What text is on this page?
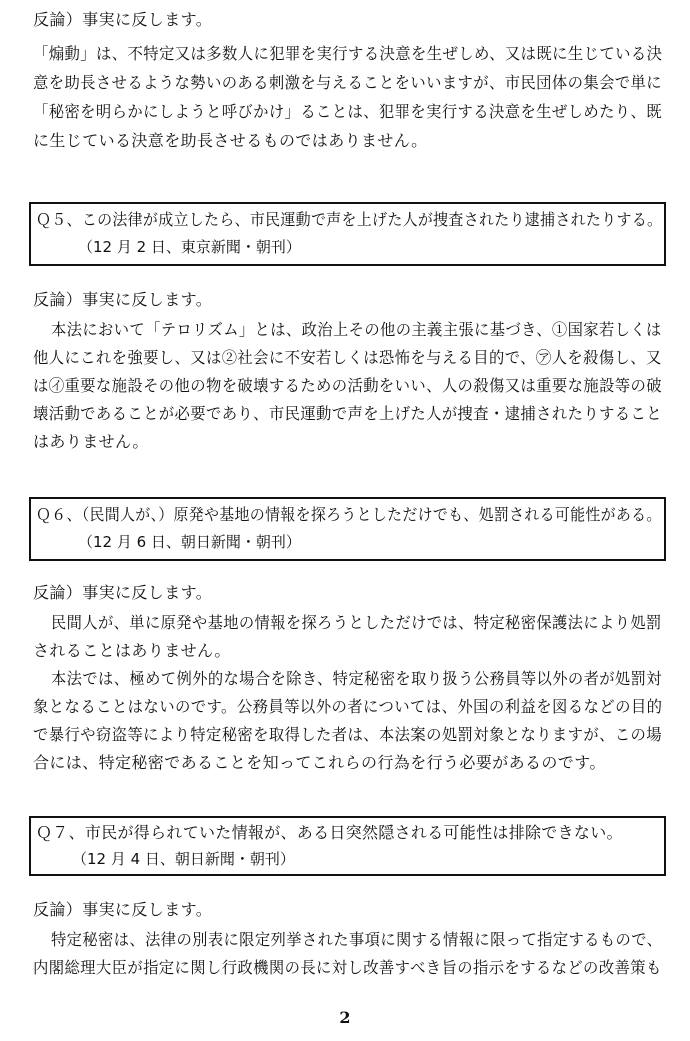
反論）事実に反します。
「煽動」は、不特定又は多数人に犯罪を実行する決意を生ぜしめ、又は既に生じている決
意を助長させるような勢いのある刺激を与えることをいいますが、市民団体の集会で単に
「秘密を明らかにしようと呼びかけ」ることは、犯罪を実行する決意を生ぜしめたり、既
に生じている決意を助長させるものではありません。
Ｑ５、この法律が成立したら、市民運動で声を上げた人が捜査されたり逮捕されたりする。
（12 月 2 日、東京新聞・朝刊）
反論）事実に反します。
本法において「テロリズム」とは、政治上その他の主義主張に基づき、①国家若しくは
他人にこれを強要し、又は②社会に不安若しくは恐怖を与える目的で、㋐人を殺傷し、又
は㋑重要な施設その他の物を破壊するための活動をいい、人の殺傷又は重要な施設等の破
壊活動であることが必要であり、市民運動で声を上げた人が捜査・逮捕されたりすること
はありません。
Ｑ６、（民間人が、）原発や基地の情報を探ろうとしただけでも、処罰される可能性がある。
（12 月 6 日、朝日新聞・朝刊）
反論）事実に反します。
民間人が、単に原発や基地の情報を探ろうとしただけでは、特定秘密保護法により処罰
されることはありません。
本法では、極めて例外的な場合を除き、特定秘密を取り扱う公務員等以外の者が処罰対
象となることはないのです。公務員等以外の者については、外国の利益を図るなどの目的
で暴行や窃盗等により特定秘密を取得した者は、本法案の処罰対象となりますが、この場
合には、特定秘密であることを知ってこれらの行為を行う必要があるのです。
Ｑ７、市民が得られていた情報が、ある日突然隠される可能性は排除できない。
（12 月 4 日、朝日新聞・朝刊）
反論）事実に反します。
特定秘密は、法律の別表に限定列挙された事項に関する情報に限って指定するもので、
内閣総理大臣が指定に関し行政機関の長に対し改善すべき旨の指示をするなどの改善策も
2
